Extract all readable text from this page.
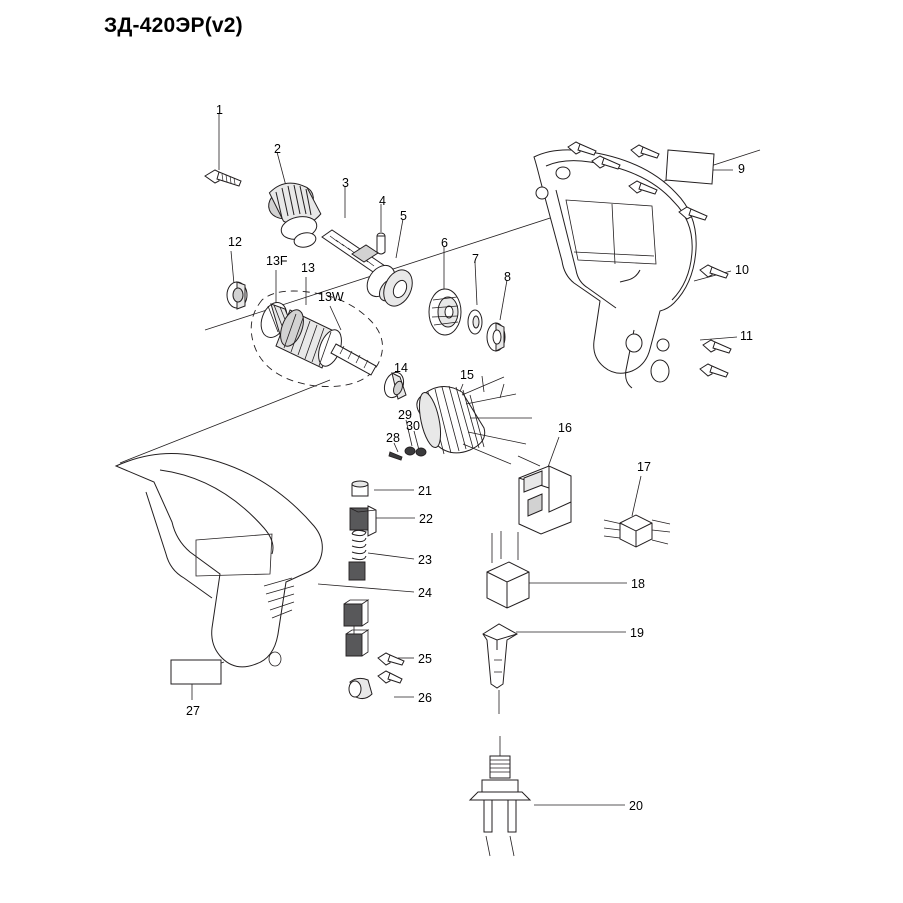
ЗД-420ЭР(v2)
1
2
3
4
5
6
7
8
9
10
11
12
13
13F
13W
14	15
16
17
18
19
20
21
22
23
24
25
26
27
28
29
30
